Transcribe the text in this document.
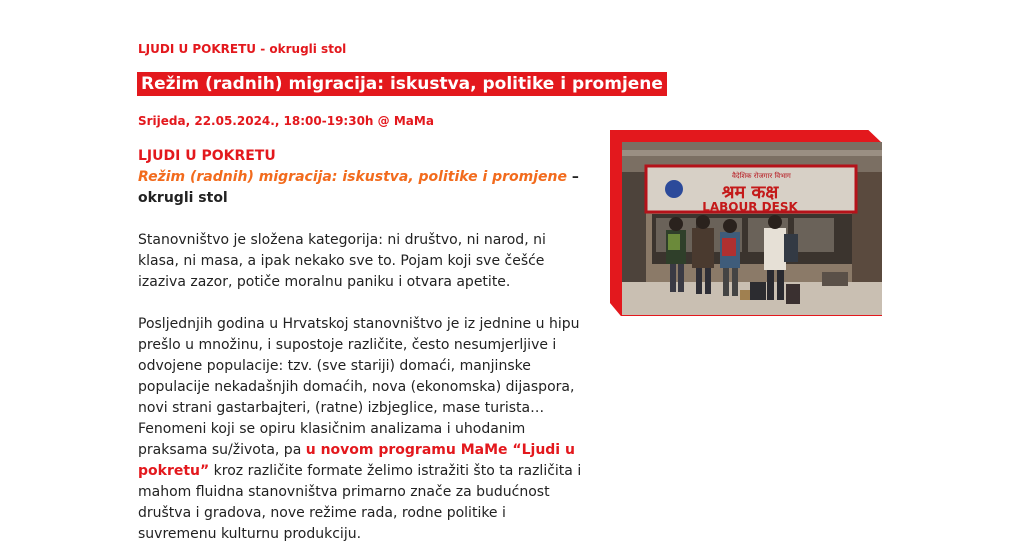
LJUDI U POKRETU - okrugli stol
Režim (radnih) migracija: iskustva, politike i promjene
Srijeda, 22.05.2024., 18:00-19:30h @ MaMa

LJUDI U POKRETU

Režim (radnih) migracija: iskustva, politike i promjene – okrugli stol

Stanovništvo je složena kategorija: ni društvo, ni narod, ni klasa, ni masa, a ipak nekako sve to. Pojam koji sve češće izaziva zazor, potiče moralnu paniku i otvara apetite.

Posljednjih godina u Hrvatskoj stanovništvo je iz jednine u hipu prešlo u množinu, i supostoje različite, često nesumjerljive i odvojene populacije: tzv. (sve stariji) domaći, manjinske populacije nekadašnjih domaćih, nova (ekonomska) dijaspora, novi strani gastarbajteri, (ratne) izbjeglice, mase turista…

Fenomeni koji se opiru klasičnim analizama i uhodanim praksama su/života, pa u novom programu MaMe “Ljudi u pokretu” kroz različite formate želimo istražiti što ta različita i mahom fluidna stanovništva primarno znače za budućnost društva i gradova, nove režime rada, rodne politike i suvremenu kulturnu produkciju.

वैदेशिक रोजगार विभाग
श्रम कक्ष
LABOUR DESK
